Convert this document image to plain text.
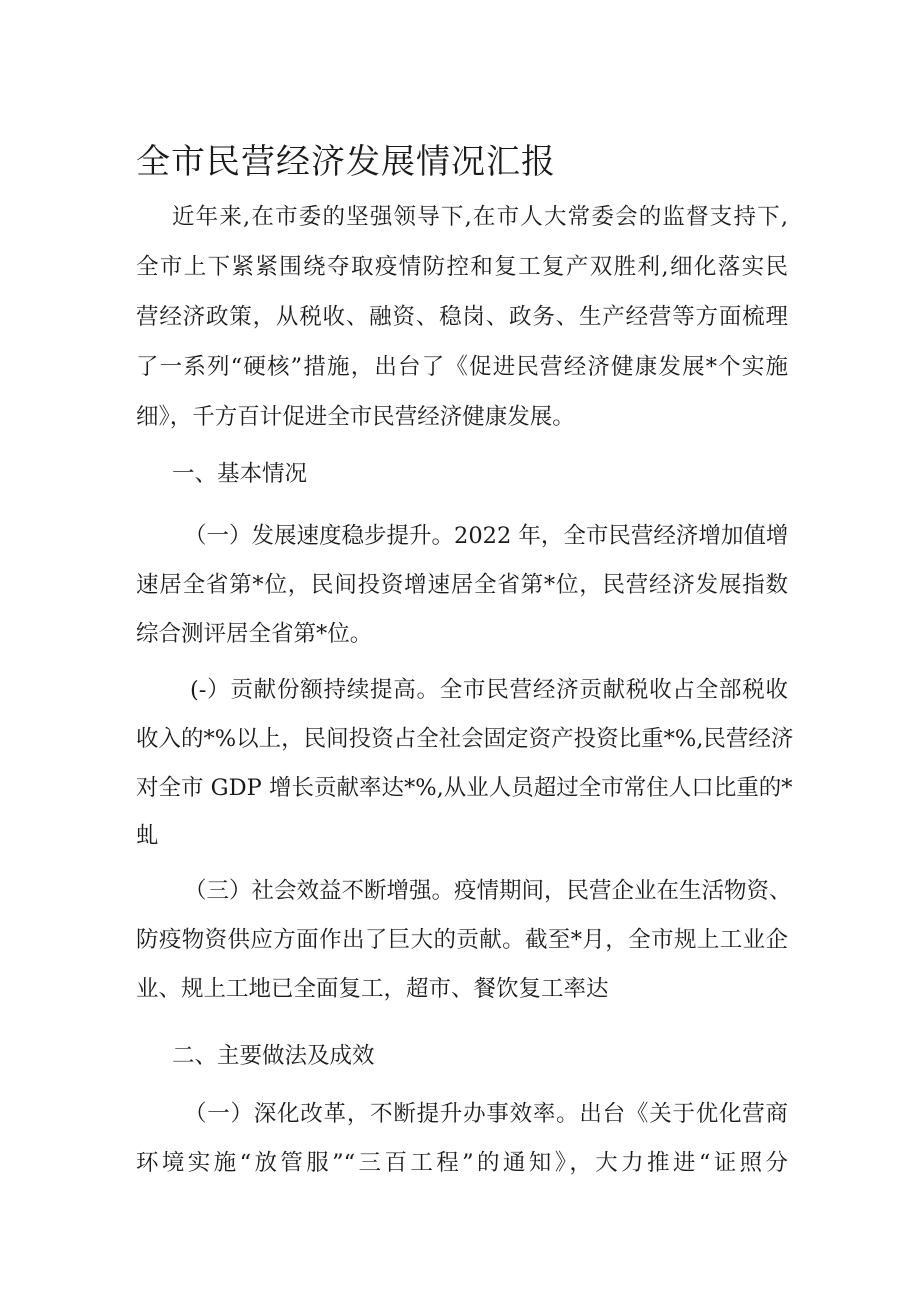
全市民营经济发展情况汇报
近年来,在市委的坚强领导下,在市人大常委会的监督支持下,
全市上下紧紧围绕夺取疫情防控和复工复产双胜利,细化落实民
营经济政策，从税收、融资、稳岗、政务、生产经营等方面梳理
了一系列“硬核”措施，出台了《促进民营经济健康发展*个实施
细》，千方百计促进全市民营经济健康发展。
一、基本情况
（一）发展速度稳步提升。2022 年，全市民营经济增加值增
速居全省第*位，民间投资增速居全省第*位，民营经济发展指数
综合测评居全省第*位。
(-）贡献份额持续提高。全市民营经济贡献税收占全部税收
收入的*%以上，民间投资占全社会固定资产投资比重*%,民营经济
对全市 GDP 增长贡献率达*%,从业人员超过全市常住人口比重的*
虬
（三）社会效益不断增强。疫情期间，民营企业在生活物资、
防疫物资供应方面作出了巨大的贡献。截至*月，全市规上工业企
业、规上工地已全面复工，超市、餐饮复工率达
二、主要做法及成效
（一）深化改革，不断提升办事效率。出台《关于优化营商
环境实施“放管服”“三百工程”的通知》，大力推进“证照分
